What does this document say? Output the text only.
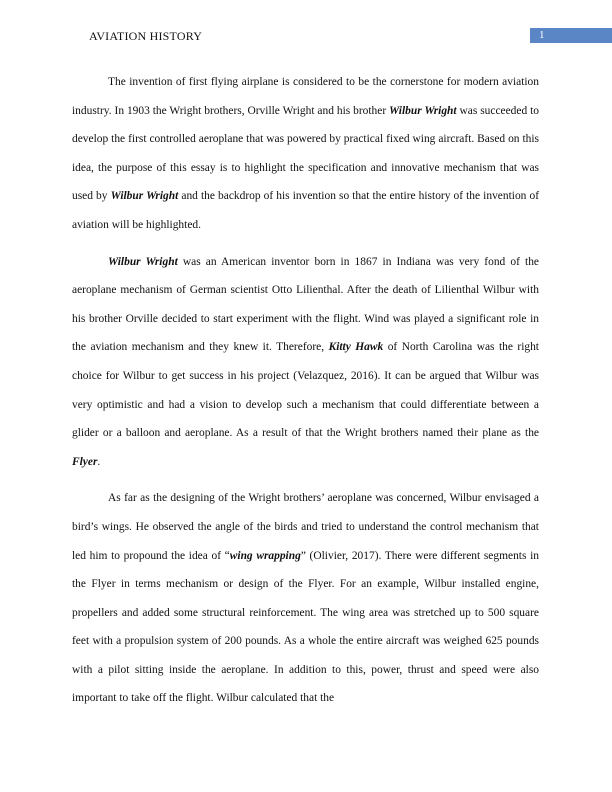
AVIATION HISTORY	1

The invention of first flying airplane is considered to be the cornerstone for modern aviation industry. In 1903 the Wright brothers, Orville Wright and his brother Wilbur Wright was succeeded to develop the first controlled aeroplane that was powered by practical fixed wing aircraft. Based on this idea, the purpose of this essay is to highlight the specification and innovative mechanism that was used by Wilbur Wright and the backdrop of his invention so that the entire history of the invention of aviation will be highlighted.

Wilbur Wright was an American inventor born in 1867 in Indiana was very fond of the aeroplane mechanism of German scientist Otto Lilienthal. After the death of Lilienthal Wilbur with his brother Orville decided to start experiment with the flight. Wind was played a significant role in the aviation mechanism and they knew it. Therefore, Kitty Hawk of North Carolina was the right choice for Wilbur to get success in his project (Velazquez, 2016). It can be argued that Wilbur was very optimistic and had a vision to develop such a mechanism that could differentiate between a glider or a balloon and aeroplane. As a result of that the Wright brothers named their plane as the Flyer.

As far as the designing of the Wright brothers’ aeroplane was concerned, Wilbur envisaged a bird’s wings. He observed the angle of the birds and tried to understand the control mechanism that led him to propound the idea of “wing wrapping” (Olivier, 2017). There were different segments in the Flyer in terms mechanism or design of the Flyer. For an example, Wilbur installed engine, propellers and added some structural reinforcement. The wing area was stretched up to 500 square feet with a propulsion system of 200 pounds. As a whole the entire aircraft was weighed 625 pounds with a pilot sitting inside the aeroplane. In addition to this, power, thrust and speed were also important to take off the flight. Wilbur calculated that the
